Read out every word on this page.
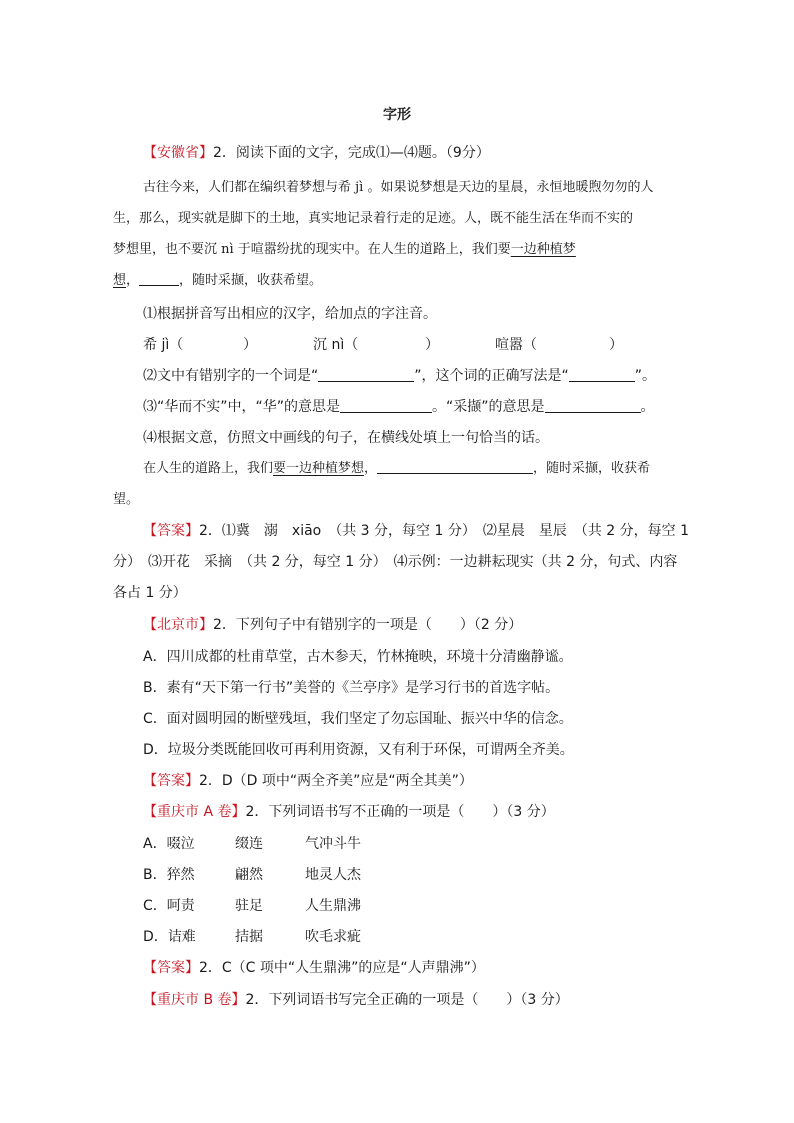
字形
【安徽省】2．阅读下面的文字，完成⑴—⑷题。（9分）
古往今来，人们都在编织着梦想与希 jì 。如果说梦想是天边的星晨，永恒地暖煦勿勿的人
生，那么，现实就是脚下的土地，真实地记录着行走的足迹。人，既不能生活在华而不实的
梦想里，也不要沉 nì 于喧嚣纷扰的现实中。在人生的道路上，我们要一边种植梦
想，	，随时采撷，收获希望。
⑴根据拼音写出相应的汉字，给加点的字注音。
希 jì（	）	沉 nì（	）	喧嚣（	）
⑵文中有错别字的一个词是“	”，这个词的正确写法是“	”。
⑶“华而不实”中，“华”的意思是	。“采撷”的意思是	。
⑷根据文意，仿照文中画线的句子，在横线处填上一句恰当的话。
在人生的道路上，我们要一边种植梦想，	，随时采撷，收获希
望。
【答案】2．⑴冀　溺　xiāo　（共 3 分，每空 1 分）　⑵星晨　星辰　（共 2 分，每空 1
分）　⑶开花　采摘　（共 2 分，每空 1 分）　⑷示例：一边耕耘现实（共 2 分，句式、内容
各占 1 分）
【北京市】2．下列句子中有错别字的一项是（　　）（2 分）
A．四川成都的杜甫草堂，古木参天，竹林掩映，环境十分清幽静谧。
B．素有“天下第一行书”美誉的《兰亭序》是学习行书的首选字帖。
C．面对圆明园的断壁残垣，我们坚定了勿忘国耻、振兴中华的信念。
D．垃圾分类既能回收可再利用资源，又有利于环保，可谓两全齐美。
【答案】2．D（D 项中“两全齐美”应是“两全其美”）
【重庆市 A 卷】2．下列词语书写不正确的一项是（　　）（3 分）
A．啜泣	缀连	气冲斗牛
B．猝然	翩然	地灵人杰
C．呵责	驻足	人生鼎沸
D．诘难	拮据	吹毛求疵
【答案】2．C（C 项中“人生鼎沸”的应是“人声鼎沸”）
【重庆市 B 卷】2．下列词语书写完全正确的一项是（　　）（3 分）
